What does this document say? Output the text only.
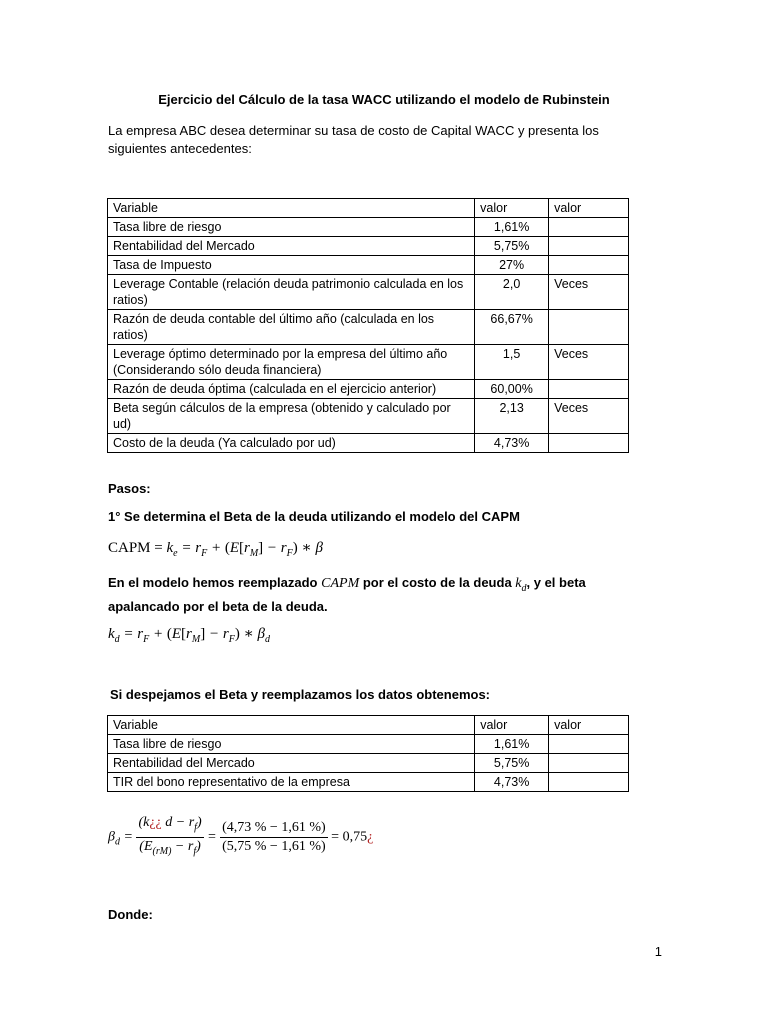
Ejercicio del Cálculo de la tasa WACC utilizando el modelo de Rubinstein
La empresa ABC desea determinar su tasa de costo de Capital WACC y presenta los siguientes antecedentes:
Variable	valor	valor
Tasa libre de riesgo	1,61%	
Rentabilidad del Mercado	5,75%	
Tasa de Impuesto	27%	
Leverage Contable (relación deuda patrimonio calculada en los ratios)	2,0	Veces
Razón de deuda contable del último año (calculada en los ratios)	66,67%	
Leverage óptimo determinado por la empresa del último año (Considerando sólo deuda financiera)	1,5	Veces
Razón de deuda óptima (calculada en el ejercicio anterior)	60,00%	
Beta según cálculos de la empresa (obtenido y calculado por ud)	2,13	Veces
Costo de la deuda (Ya calculado por ud)	4,73%	
Pasos:
1° Se determina el Beta de la deuda utilizando el modelo del CAPM
CAPM = $k_e = r_F + (E[r_M] - r_F)$ ∗ β
En el modelo hemos reemplazado CAPM por el costo de la deuda $k_d$, y el beta apalancado por el beta de la deuda.
$k_d = r_F + (E[r_M] - r_F)$ ∗ $\beta_d$
Si despejamos el Beta y reemplazamos los datos obtenemos:
Variable	valor	valor
Tasa libre de riesgo	1,61%	
Rentabilidad del Mercado	5,75%	
TIR del bono representativo de la empresa	4,73%	
$\beta_d = \frac{(k¿¿ d - r_f)}{(E_{(rM)} - r_f)} = \frac{(4,73 \% - 1,61 \%)}{(5,75 \% - 1,61 \%)}$ = 0,75¿
Donde:
1
